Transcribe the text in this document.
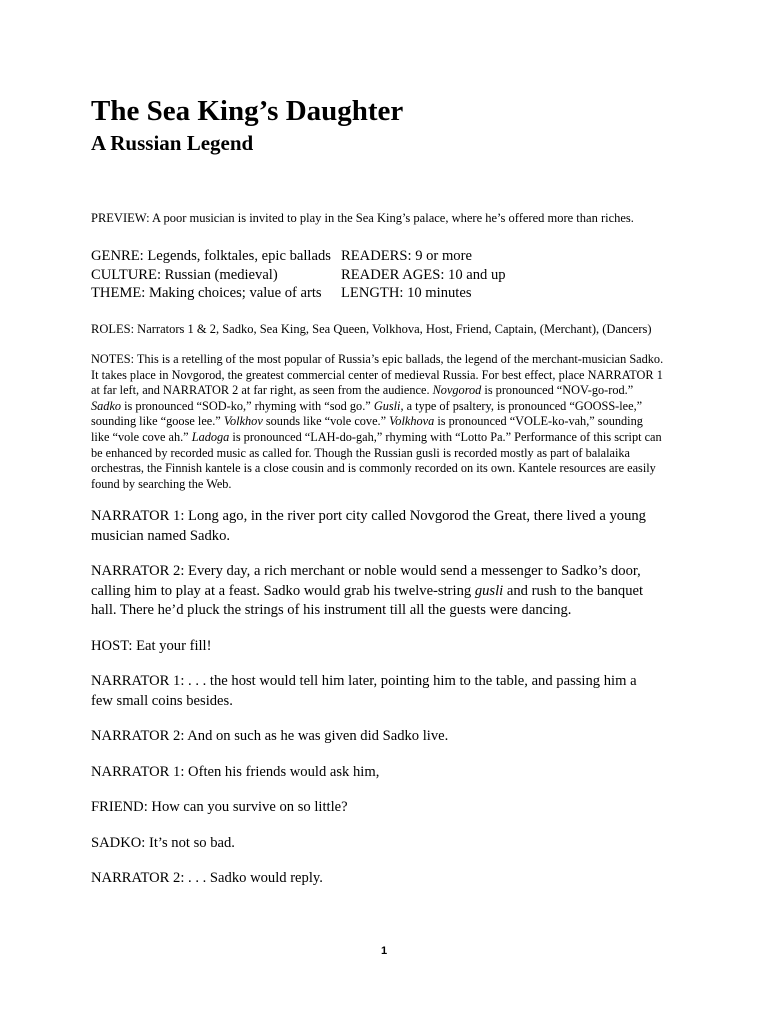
The Sea King’s Daughter
A Russian Legend
PREVIEW: A poor musician is invited to play in the Sea King’s palace, where he’s offered more than riches.
GENRE: Legends, folktales, epic ballads READERS: 9 or more
CULTURE: Russian (medieval)	READER AGES: 10 and up
THEME: Making choices; value of arts LENGTH: 10 minutes
ROLES: Narrators 1 & 2, Sadko, Sea King, Sea Queen, Volkhova, Host, Friend, Captain, (Merchant), (Dancers)
NOTES: This is a retelling of the most popular of Russia’s epic ballads, the legend of the merchant-musician Sadko.
It takes place in Novgorod, the greatest commercial center of medieval Russia. For best effect, place NARRATOR 1
at far left, and NARRATOR 2 at far right, as seen from the audience. Novgorod is pronounced “NOV-go-rod.”
Sadko is pronounced “SOD-ko,” rhyming with “sod go.” Gusli, a type of psaltery, is pronounced “GOOSS-lee,”
sounding like “goose lee.” Volkhov sounds like “vole cove.” Volkhova is pronounced “VOLE-ko-vah,” sounding
like “vole cove ah.” Ladoga is pronounced “LAH-do-gah,” rhyming with “Lotto Pa.” Performance of this script can
be enhanced by recorded music as called for. Though the Russian gusli is recorded mostly as part of balalaika
orchestras, the Finnish kantele is a close cousin and is commonly recorded on its own. Kantele resources are easily
found by searching the Web.
NARRATOR 1: Long ago, in the river port city called Novgorod the Great, there lived a young
musician named Sadko.
NARRATOR 2: Every day, a rich merchant or noble would send a messenger to Sadko’s door,
calling him to play at a feast. Sadko would grab his twelve-string gusli and rush to the banquet
hall. There he’d pluck the strings of his instrument till all the guests were dancing.
HOST: Eat your fill!
NARRATOR 1: . . . the host would tell him later, pointing him to the table, and passing him a
few small coins besides.
NARRATOR 2: And on such as he was given did Sadko live.
NARRATOR 1: Often his friends would ask him,
FRIEND: How can you survive on so little?
SADKO: It’s not so bad.
NARRATOR 2: . . . Sadko would reply.
1
